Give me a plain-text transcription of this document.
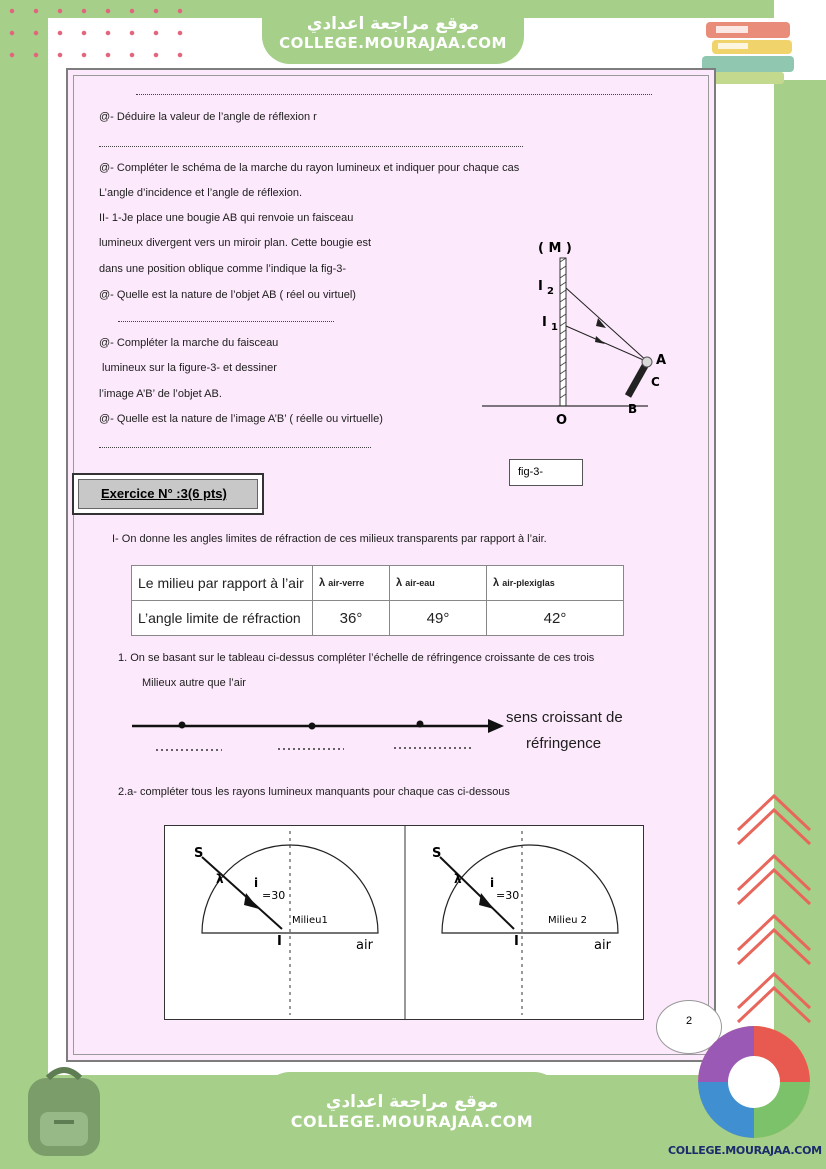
موقع مراجعة اعدادي
COLLEGE.MOURAJAA.COM
@- Déduire la valeur de l’angle de réflexion r
@- Compléter le schéma de la marche du rayon lumineux et indiquer pour chaque cas
L’angle d’incidence et l’angle de réflexion.
II- 1-Je place une bougie AB qui renvoie un faisceau
lumineux divergent vers un miroir plan. Cette bougie est
dans une position oblique comme l’indique la fig-3-
@- Quelle est la nature de l’objet AB ( réel ou virtuel)
@- Compléter la marche du faisceau
lumineux sur la figure-3- et dessiner
l’image A’B’ de l’objet AB.
@- Quelle est la nature de l’image A’B’ ( réelle ou virtuelle)
( M )
I 2
I 1
A
C
B
O
fig-3-
Exercice N° :3(6 pts)
I- On donne les angles limites de réfraction de ces milieux transparents par rapport à l’air.
Le milieu par rapport à l’air	λ air-verre	λ air-eau	λ air-plexiglas
L’angle limite de réfraction	36°	49°	42°
1. On se basant sur le tableau ci-dessus compléter l’échelle de réfringence croissante de ces trois
Milieux autre que l’air
sens croissant de
réfringence
2.a- compléter tous les rayons lumineux manquants pour chaque cas ci-dessous
S
λ	i
=30
Milieu1
I	air
S
λ i
=30
Milieu 2
I	air
2
COLLEGE.MOURAJAA.COM
موقع مراجعة اعدادي
COLLEGE.MOURAJAA.COM
